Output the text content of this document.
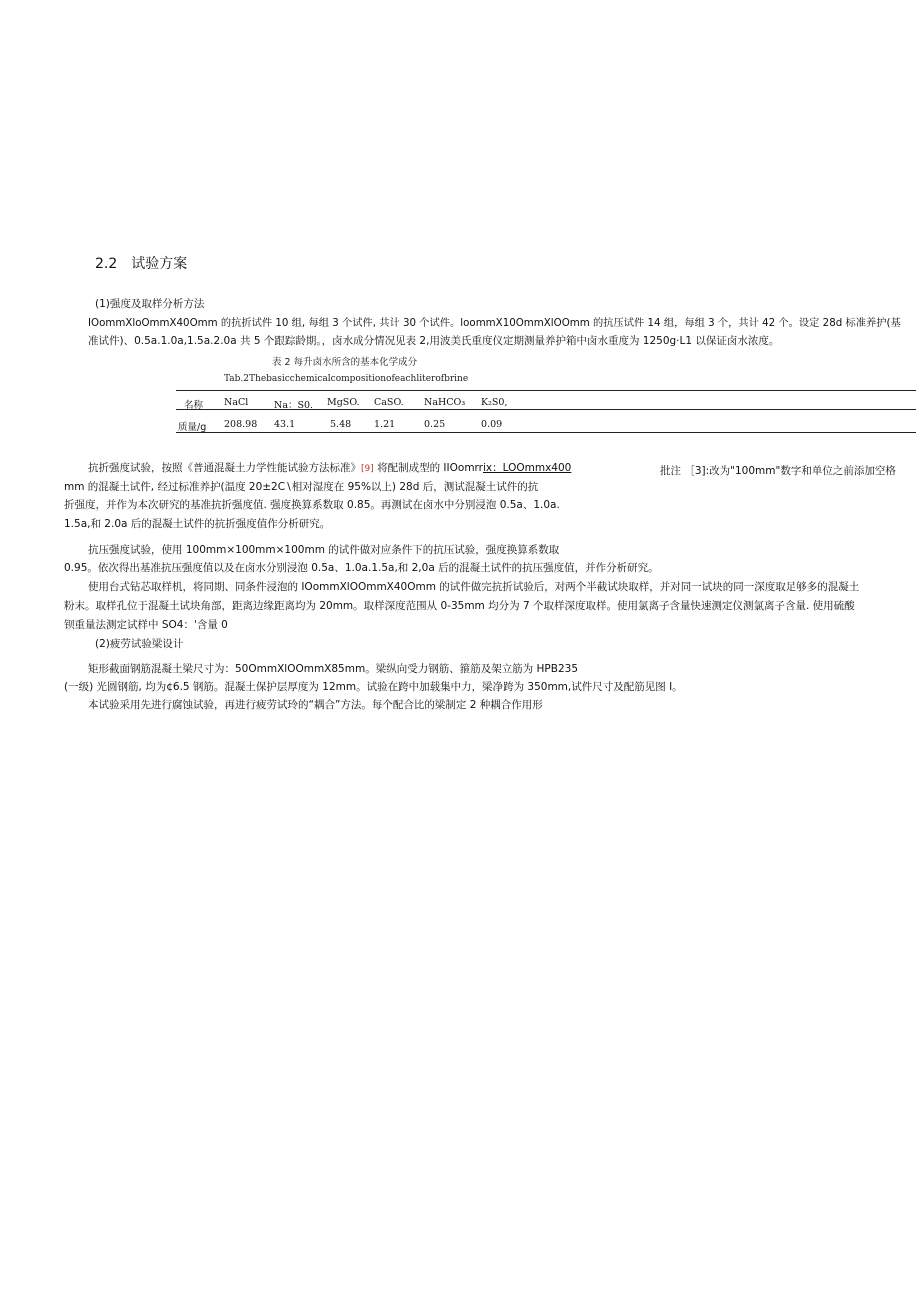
2.2 试验方案
(1)强度及取样分析方法
IOommXloOmmX40Omm 的抗折试件 10 组, 每组 3 个试件, 共计 30 个试件。loommX10OmmXlOOmm 的抗压试件 14 组，每组 3 个，共计 42 个。设定 28d 标准养护(基
准试件)、0.5a.1.0a,1.5a.2.0a 共 5 个跟踪龄期。，卤水成分情况见表 2,用波美氏重度仪定期测量养护箱中卤水重度为 1250g·L1 以保证卤水浓度。
表 2 每升卤水所含的基本化学成分
Tab.2Thebasicchemicalcompositionofeachliterofbrine
名称 NaCl	Na：S0. MgSO. CaSO. NaHCO₃ K₂S0,
质量/g 208.98 43.1	5.48 1.21	0.25	0.09
抗折强度试验，按照《普通混凝土力学性能试验方法标准》[9] 将配制成型的 IIOomrrix：LOOmmx400
mm 的混凝土试件, 经过标准养护(温度 20±2C∖相对湿度在 95%以上) 28d 后，测试混凝土试件的抗
折强度，并作为本次研究的基准抗折强度值. 强度换算系数取 0.85。再测试在卤水中分别浸泡 0.5a、1.0a.
1.5a,和 2.0a 后的混凝土试件的抗折强度值作分析研究。
批注 ［3]:改为"100mm"数字和单位之前添加空格
抗压强度试验，使用 100mm×100mm×100mm 的试件做对应条件下的抗压试验，强度换算系数取
0.95。依次得出基准抗压强度值以及在卤水分别浸泡 0.5a、1.0a.1.5a,和 2,0a 后的混凝土试件的抗压强度值，并作分析研究。
使用台式钻芯取样机，将同期、同条件浸泡的 IOommXlOOmmX40Omm 的试件做完抗折试验后，对两个半截试块取样，并对同一试块的同一深度取足够多的混凝土
粉末。取样孔位于混凝土试块角部，距离边缘距离均为 20mm。取样深度范围从 0-35mm 均分为 7 个取样深度取样。使用氯离子含量快速测定仪测氯离子含量. 使用硫酸
钡重量法测定试样中 SO4：'含量 0
(2)疲劳试验梁设计
矩形截面钢筋混凝土梁尺寸为：50OmmXlOOmmX85mm。梁纵向受力钢筋、箍筋及架立筋为 HPB235
(一级) 光圆钢筋, 均为¢6.5 钢筋。混凝土保护层厚度为 12mm。试验在跨中加载集中力，梁净跨为 350mm,试件尺寸及配筋见图 I。
本试验采用先进行腐蚀试验，再进行疲劳试玲的“耦合”方法。每个配合比的梁制定 2 种耦合作用形
